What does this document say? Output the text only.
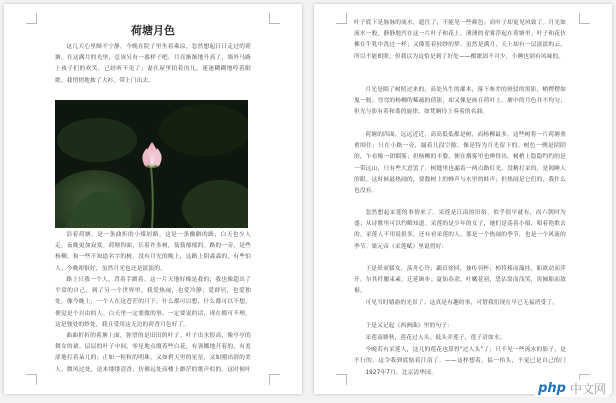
荷塘月色

这几天心里颇不宁静。今晚在院子里坐着乘凉，忽然想起日日走过的荷塘，在这满月的光里，总该另有一番样子吧。月亮渐渐地升高了，墙外马路上孩子们的欢笑，已经听不见了；妻在屋里拍着闰儿，迷迷糊糊地哼着眠歌。我悄悄地披了大衫，带上门出去。

沿着荷塘，是一条曲折的小煤屑路。这是一条幽僻的路；白天也少人走，夜晚更加寂寞。荷塘四面，长着许多树，蓊蓊郁郁的。路的一旁，是些杨柳，和一些不知道名字的树。没有月光的晚上，这路上阴森森的，有些怕人。今晚却很好，虽然月光也还是淡淡的。

路上只我一个人，背着手踱着。这一片天地好像是我的；我也像超出了平常的自己，到了另一个世界里。我爱热闹，也爱冷静；爱群居，也爱独处。像今晚上，一个人在这苍茫的月下，什么都可以想，什么都可以不想，便觉是个自由的人。白天里一定要做的事，一定要说的话，现在都可不理。这是独处的妙处，我且受用这无边的荷香月色好了。

曲曲折折的荷塘上面，弥望的是田田的叶子。叶子出水很高，像亭亭的舞女的裙。层层的叶子中间，零星地点缀着些白花，有袅娜地开着的，有羞涩地打着朵儿的；正如一粒粒的明珠，又如碧天里的星星，又如刚出浴的美人。微风过处，送来缕缕清香，仿佛远处高楼上渺茫的歌声似的。这时候叶

叶子底下是脉脉的流水，遮住了，不能见一些颜色；而叶子却更见风致了。月光如流水一般，静静地泻在这一片叶子和花上。薄薄的青雾浮起在荷塘里。叶子和花仿佛在牛乳中洗过一样；又像笼着轻纱的梦。虽然是满月，天上却有一层淡淡的云，所以不能朗照；但我以为这恰是到了好处——酣眠固不可少，小睡也别有风味的。

月光是隔了树照过来的，高处丛生的灌木，落下参差的斑驳的黑影，峭楞楞如鬼一般；弯弯的杨柳的稀疏的倩影，却又像是画在荷叶上。塘中的月色并不均匀；但光与影有着和谐的旋律，如梵婀玲上奏着的名曲。

荷塘的四面，远远近近，高高低低都是树，而杨柳最多。这些树将一片荷塘重重围住；只在小路一旁，漏着几段空隙，像是特为月光留下的。树色一例是阴阴的，乍看像一团烟雾；但杨柳的丰姿，便在烟雾里也辨得出。树梢上隐隐约约的是一带远山，只有些大意罢了。树缝里也漏着一两点路灯光，没精打采的，是渴睡人的眼。这时候最热闹的，要数树上的蝉声与水里的蛙声；但热闹是它们的，我什么也没有。

忽然想起采莲的事情来了。采莲是江南的旧俗，似乎很早就有，而六朝时为盛；从诗歌里可以约略知道。采莲的是少年的女子，她们是荡着小船，唱着艳歌去的。采莲人不用说很多，还有看采莲的人。那是一个热闹的季节，也是一个风流的季节。梁元帝《采莲赋》里说得好：

于是妖童媛女，荡舟心许；鷁首徐回，兼传羽杯；棹将移而藻挂，船欲动而萍开。尔其纤腰束素，迁延顾步；夏始春余，叶嫩花初，恐沾裳而浅笑，畏倾船而敛裾。

可见当时嬉游的光景了。这真是有趣的事，可惜我们现在早已无福消受了。

于是又记起《西洲曲》里的句子：

采莲南塘秋，莲花过人头；低头弄莲子，莲子清如水。

今晚若有采莲人，这儿的莲花也算得"过人头"了；只不见一些流水的影子，是不行的。这令我到底惦着江南了。——这样想着，猛一抬头，不觉已是自己的门

1927年7月，北京清华园。

php 中文网
